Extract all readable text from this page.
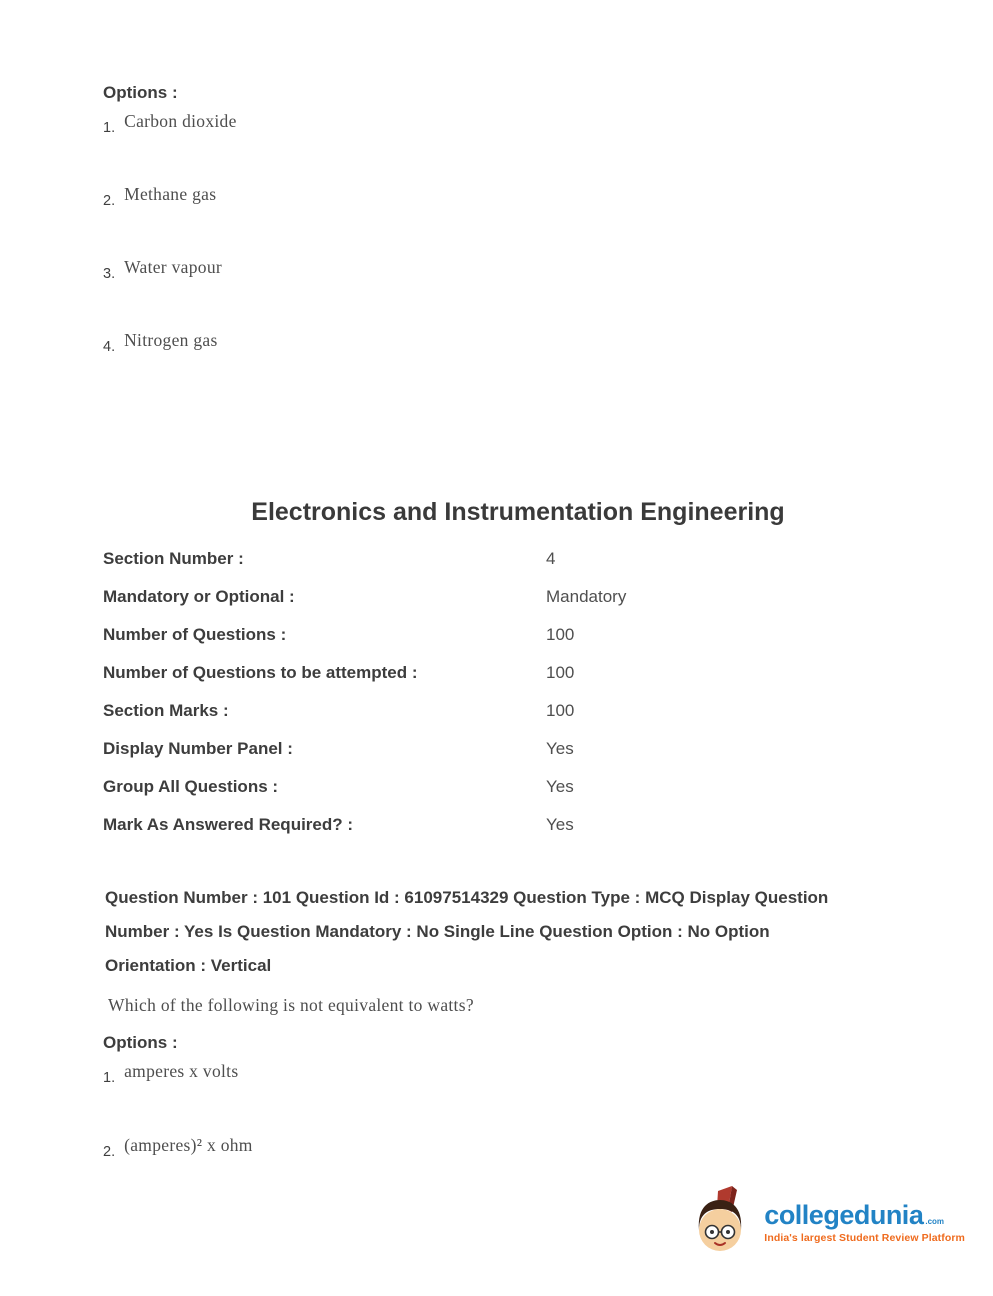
Options :
1. Carbon dioxide
2. Methane gas
3. Water vapour
4. Nitrogen gas
Electronics and Instrumentation Engineering
Section Number :	4
Mandatory or Optional :	Mandatory
Number of Questions :	100
Number of Questions to be attempted :	100
Section Marks :	100
Display Number Panel :	Yes
Group All Questions :	Yes
Mark As Answered Required? :	Yes
Question Number : 101 Question Id : 61097514329 Question Type : MCQ Display Question
Number : Yes Is Question Mandatory : No Single Line Question Option : No Option
Orientation : Vertical

Which of the following is not equivalent to watts?

Options :
1. amperes x volts
2. (amperes)² x ohm
collegedunia .com
India's largest Student Review Platform
